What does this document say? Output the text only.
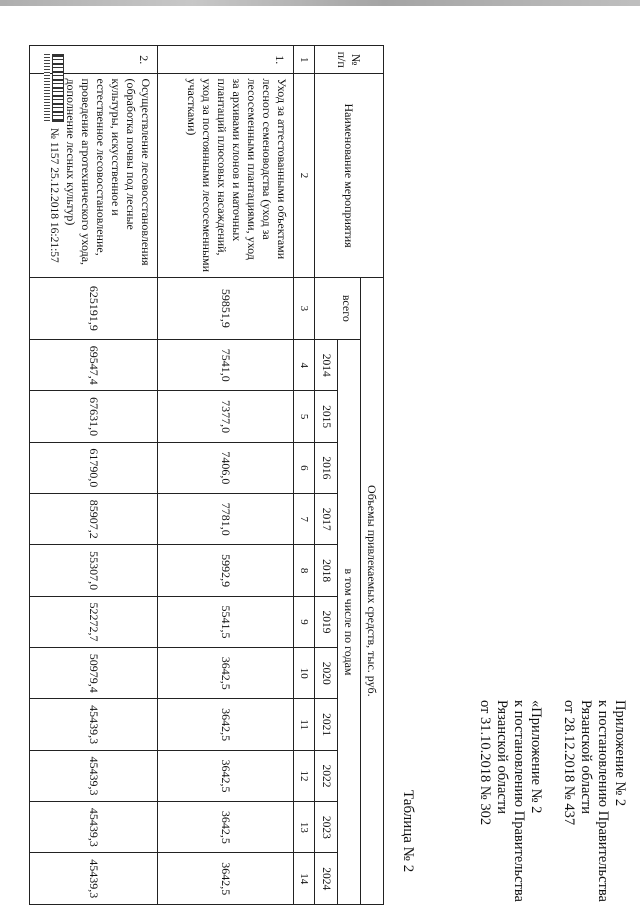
Приложение № 2
к постановлению Правительства
Рязанской области
от 28.12.2018 № 437
«Приложение № 2
к постановлению Правительства
Рязанской области
от 31.10.2018 № 302
Таблица № 2
№ п/п	Наименование мероприятия	Объемы привлекаемых средств, тыс. руб.											
		всего	в том числе по годам										
			2014	2015	2016	2017	2018	2019	2020	2021	2022	2023	2024
1	2	3	4	5	6	7	8	9	10	11	12	13	14
1.	Уход за аттестованными объектами лесного семеноводства (уход за лесосеменными плантациями, уход за архивами клонов и маточных плантаций плюсовых насаждений, уход за постоянными лесосеменными участками)	59851,9	7541,0	7377,0	7406,0	7781,0	5992,9	5541,5	3642,5	3642,5	3642,5	3642,5	3642,5
2.	Осуществление лесовосстановления (обработка почвы под лесные культуры, искусственное и естественное лесовосстановление, проведение агротехнического ухода, дополнение лесных культур)	625191,9	69547,4	67631,0	61790,0	85907,2	55307,0	52272,7	50979,4	45439,3	45439,3	45439,3	45439,3
№ 1157 25.12.2018 16:21:57
